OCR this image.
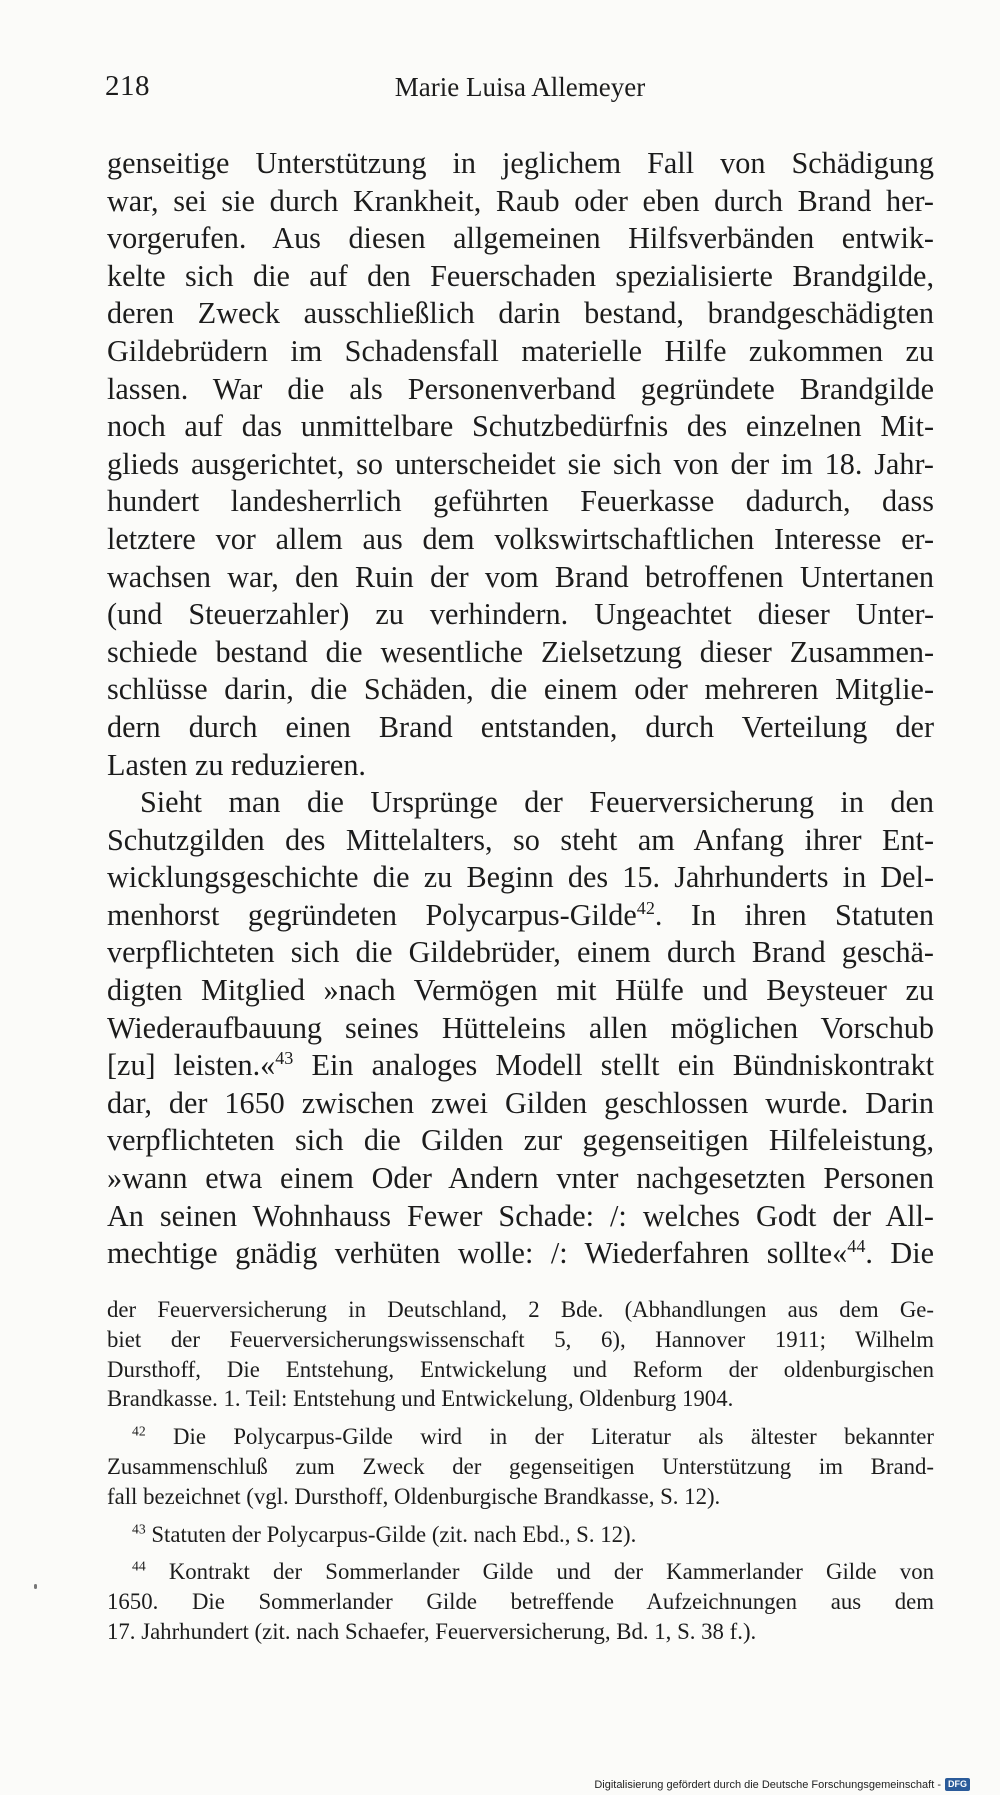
218	Marie Luisa Allemeyer
genseitige Unterstützung in jeglichem Fall von Schädigung
war, sei sie durch Krankheit, Raub oder eben durch Brand her-
vorgerufen. Aus diesen allgemeinen Hilfsverbänden entwik-
kelte sich die auf den Feuerschaden spezialisierte Brandgilde,
deren Zweck ausschließlich darin bestand, brandgeschädigten
Gildebrüdern im Schadensfall materielle Hilfe zukommen zu
lassen. War die als Personenverband gegründete Brandgilde
noch auf das unmittelbare Schutzbedürfnis des einzelnen Mit-
glieds ausgerichtet, so unterscheidet sie sich von der im 18. Jahr-
hundert landesherrlich geführten Feuerkasse dadurch, dass
letztere vor allem aus dem volkswirtschaftlichen Interesse er-
wachsen war, den Ruin der vom Brand betroffenen Untertanen
(und Steuerzahler) zu verhindern. Ungeachtet dieser Unter-
schiede bestand die wesentliche Zielsetzung dieser Zusammen-
schlüsse darin, die Schäden, die einem oder mehreren Mitglie-
dern durch einen Brand entstanden, durch Verteilung der
Lasten zu reduzieren.
Sieht man die Ursprünge der Feuerversicherung in den
Schutzgilden des Mittelalters, so steht am Anfang ihrer Ent-
wicklungsgeschichte die zu Beginn des 15. Jahrhunderts in Del-
menhorst gegründeten Polycarpus-Gilde$^{42}$. In ihren Statuten
verpflichteten sich die Gildebrüder, einem durch Brand geschä-
digten Mitglied »nach Vermögen mit Hülfe und Beysteuer zu
Wiederaufbauung seines Hütteleins allen möglichen Vorschub
[zu] leisten.«$^{43}$ Ein analoges Modell stellt ein Bündniskontrakt
dar, der 1650 zwischen zwei Gilden geschlossen wurde. Darin
verpflichteten sich die Gilden zur gegenseitigen Hilfeleistung,
»wann etwa einem Oder Andern vnter nachgesetzten Personen
An seinen Wohnhauss Fewer Schade: /: welches Godt der All-
mechtige gnädig verhüten wolle: /: Wiederfahren sollte«$^{44}$. Die
der Feuerversicherung in Deutschland, 2 Bde. (Abhandlungen aus dem Ge-
biet der Feuerversicherungswissenschaft 5, 6), Hannover 1911; Wilhelm
Dursthoff, Die Entstehung, Entwickelung und Reform der oldenburgischen
Brandkasse. 1. Teil: Entstehung und Entwickelung, Oldenburg 1904.
$^{42}$ Die Polycarpus-Gilde wird in der Literatur als ältester bekannter
Zusammenschluß zum Zweck der gegenseitigen Unterstützung im Brand-
fall bezeichnet (vgl. Dursthoff, Oldenburgische Brandkasse, S. 12).
$^{43}$ Statuten der Polycarpus-Gilde (zit. nach Ebd., S. 12).
$^{44}$ Kontrakt der Sommerlander Gilde und der Kammerlander Gilde von
1650. Die Sommerlander Gilde betreffende Aufzeichnungen aus dem
17. Jahrhundert (zit. nach Schaefer, Feuerversicherung, Bd. 1, S. 38 f.).
Digitalisierung gefördert durch die Deutsche Forschungsgemeinschaft - DFG
